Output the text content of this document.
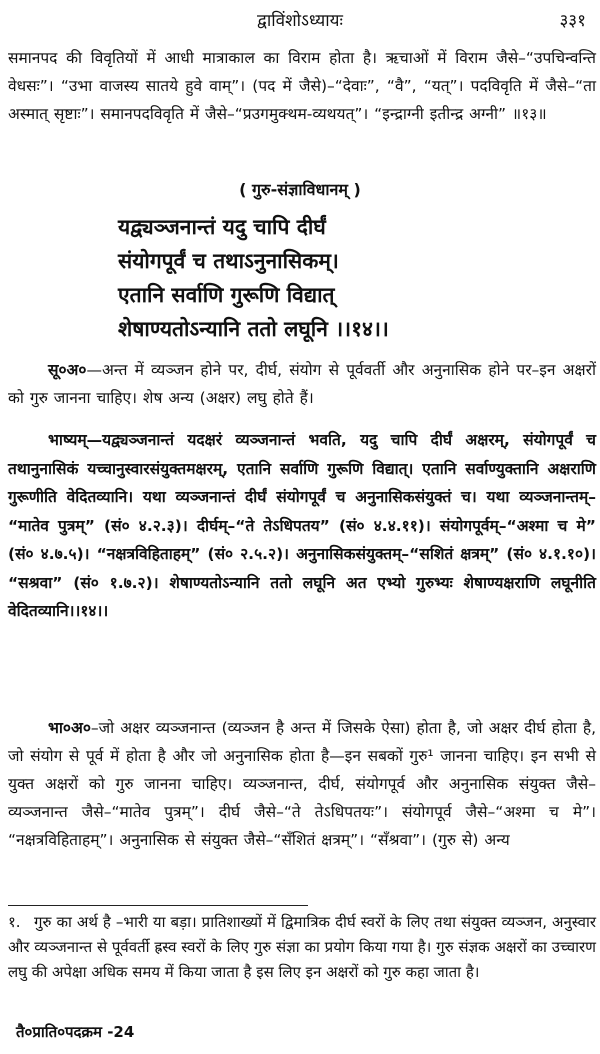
द्वाविंशोऽध्यायः	३३१
समानपद की विवृतियों में आधी मात्राकाल का विराम होता है। ऋचाओं में विराम जैसे–“उपचिन्वन्ति वेधसः”। “उभा वाजस्य सातये हुवे वाम्”। (पद में जैसे)–“देवाः”, “वै”, “यत्”। पदविवृति में जैसे–“ता अस्मात् सृष्टाः”। समानपदविवृति में जैसे–“प्रउगमुक्थम-व्यथयत्”। “इन्द्राग्नी इतीन्द्र अग्नी” ॥१३॥
( गुरु-संज्ञाविधानम् )
यद्व्यञ्जनान्तं यदु चापि दीर्घं
संयोगपूर्वं च तथाऽनुनासिकम्।
एतानि सर्वाणि गुरूणि विद्यात्
शेषाण्यतोऽन्यानि ततो लघूनि ।।१४।।
सू०अ०—अन्त में व्यञ्जन होने पर, दीर्घ, संयोग से पूर्ववर्ती और अनुनासिक होने पर–इन अक्षरों को गुरु जानना चाहिए। शेष अन्य (अक्षर) लघु होते हैं।
भाष्यम्—यद्व्यञ्जनान्तं यदक्षरं व्यञ्जनान्तं भवति, यदु चापि दीर्घं अक्षरम्, संयोगपूर्वं च तथानुनासिकं यच्चानुस्वारसंयुक्तमक्षरम्, एतानि सर्वाणि गुरूणि विद्यात्। एतानि सर्वाण्युक्तानि अक्षराणि गुरूणीति वेदितव्यानि। यथा व्यञ्जनान्तं दीर्घं संयोगपूर्वं च अनुनासिकसंयुक्तं च। यथा व्यञ्जनान्तम्– “मातेव पुत्रम्” (सं० ४.२.३)। दीर्घम्–“ते तेऽधिपतय” (सं० ४.४.११)। संयोगपूर्वम्–“अश्मा च मे” (सं० ४.७.५)। “नक्षत्रविहिताहम्” (सं० २.५.२)। अनुनासिकसंयुक्तम्–“सशितं क्षत्रम्” (सं० ४.१.१०)। “सश्रवा” (सं० १.७.२)। शेषाण्यतोऽन्यानि ततो लघूनि अत एभ्यो गुरुभ्यः शेषाण्यक्षराणि लघूनीति वेदितव्यानि।।१४।।
भा०अ०–जो अक्षर व्यञ्जनान्त (व्यञ्जन है अन्त में जिसके ऐसा) होता है, जो अक्षर दीर्घ होता है, जो संयोग से पूर्व में होता है और जो अनुनासिक होता है—इन सबकों गुरु¹ जानना चाहिए। इन सभी से युक्त अक्षरों को गुरु जानना चाहिए। व्यञ्जनान्त, दीर्घ, संयोगपूर्व और अनुनासिक संयुक्त जैसे–व्यञ्जनान्त जैसे–“मातेव पुत्रम्”। दीर्घ जैसे–“ते तेऽधिपतयः”। संयोगपूर्व जैसे–“अश्मा च मे”। “नक्षत्रविहिताहम्”। अनुनासिक से संयुक्त जैसे–“सँशितं क्षत्रम्”। “सँश्रवा”। (गुरु से) अन्य
१. गुरु का अर्थ है –भारी या बड़ा। प्रातिशाख्यों में द्विमात्रिक दीर्घ स्वरों के लिए तथा संयुक्त व्यञ्जन, अनुस्वार और व्यञ्जनान्त से पूर्ववर्ती ह्रस्व स्वरों के लिए गुरु संज्ञा का प्रयोग किया गया है। गुरु संज्ञक अक्षरों का उच्चारण लघु की अपेक्षा अधिक समय में किया जाता है इस लिए इन अक्षरों को गुरु कहा जाता है।
तै०प्राति०पदक्रम -24
